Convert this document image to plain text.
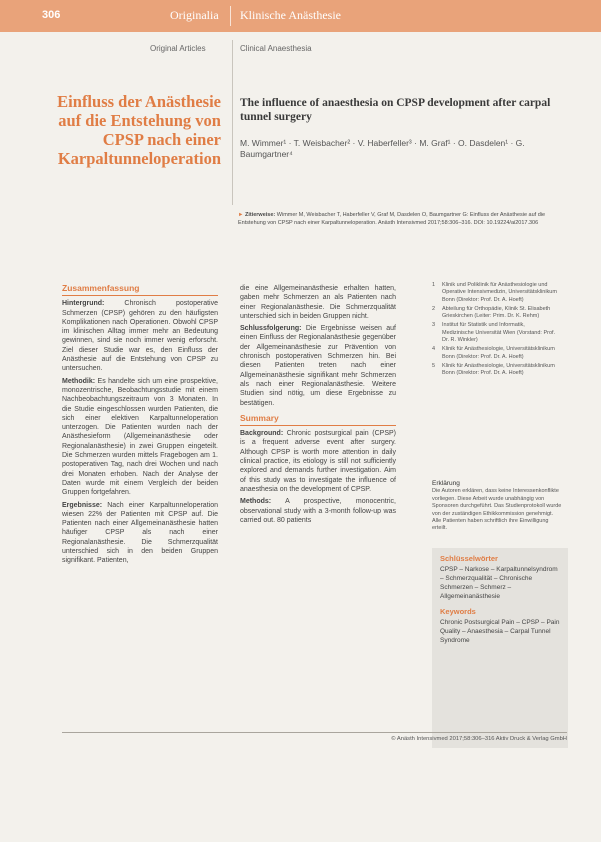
306	Originalia Klinische Anästhesie
Original Articles	Clinical Anaesthesia
Einfluss der Anästhesie auf die Entstehung von CPSP nach einer Karpaltunneloperation
The influence of anaesthesia on CPSP development after carpal tunnel surgery
M. Wimmer¹ · T. Weisbacher² · V. Haberfeller³ · M. Graf¹ · O. Dasdelen¹ · G. Baumgartner⁴
► Zitierweise: Wimmer M, Weisbacher T, Haberfeller V, Graf M, Dasdelen O, Baumgartner G: Einfluss der Anästhesie auf die Entstehung von CPSP nach einer Karpaltunneloperation. Anästh Intensivmed 2017;58:306–316. DOI: 10.19224/ai2017.306
Zusammenfassung
Hintergrund: Chronisch postoperative Schmerzen (CPSP) gehören zu den häufigsten Komplikationen nach Operationen. Obwohl CPSP im klinischen Alltag immer mehr an Bedeutung gewinnen, sind sie noch immer wenig erforscht. Ziel dieser Studie war es, den Einfluss der Anästhesie auf die Entstehung von CPSP zu untersuchen.
Methodik: Es handelte sich um eine prospektive, monozentrische, Beobachtungsstudie mit einem Nachbeobachtungszeitraum von 3 Monaten. In die Studie eingeschlossen wurden Patienten, die sich einer elektiven Karpaltunneloperation unterzogen. Die Patienten wurden nach der Anästhesieform (Allgemeinanästhesie oder Regionalanästhesie) in zwei Gruppen eingeteilt. Die Schmerzen wurden mittels Fragebogen am 1. postoperativen Tag, nach drei Wochen und nach drei Monaten erhoben. Nach der Analyse der Daten wurde mit einem Vergleich der beiden Gruppen fortgefahren.
Ergebnisse: Nach einer Karpaltunneloperation wiesen 22% der Patienten mit CPSP auf. Die Patienten nach einer Allgemeinanästhesie hatten häufiger CPSP als nach einer Regionalanästhesie. Die Schmerzqualität unterschied sich in den beiden Gruppen signifikant. Patienten,
die eine Allgemeinanästhesie erhalten hatten, gaben mehr Schmerzen an als Patienten nach einer Regionalanästhesie. Die Schmerzqualität unterschied sich in beiden Gruppen nicht.
Schlussfolgerung: Die Ergebnisse weisen auf einen Einfluss der Regionalanästhesie gegenüber der Allgemeinanästhesie zur Prävention von chronisch postoperativen Schmerzen hin. Bei diesen Patienten treten nach einer Allgemeinanästhesie signifikant mehr Schmerzen als nach einer Regionalanästhesie. Weitere Studien sind nötig, um diese Ergebnisse zu bestätigen.
Summary
Background: Chronic postsurgical pain (CPSP) is a frequent adverse event after surgery. Although CPSP is worth more attention in daily clinical practice, its etiology is still not sufficiently explored and demands further investigation. Aim of this study was to investigate the influence of anaesthesia on the development of CPSP.
Methods: A prospective, monocentric, observational study with a 3-month follow-up was carried out. 80 patients
1	Klinik und Poliklinik für Anästhesiologie und Operative Intensivmedizin, Universitätsklinikum Bonn (Direktor: Prof. Dr. A. Hoeft)
2	Abteilung für Orthopädie, Klinik St. Elisabeth Grieskirchen (Leiter: Prim. Dr. K. Rehm)
3	Institut für Statistik und Informatik, Medizinische Universität Wien (Vorstand: Prof. Dr. R. Winkler)
4	Klinik für Anästhesiologie, Universitätsklinikum Bonn (Direktor: Prof. Dr. A. Hoeft)
5	Klinik für Anästhesiologie, Universitätsklinikum Bonn (Direktor: Prof. Dr. A. Hoeft)
Erklärung
Die Autoren erklären, dass keine Interessenkonflikte vorliegen. Diese Arbeit wurde unabhängig von Sponsoren durchgeführt. Das Studienprotokoll wurde von der zuständigen Ethikkommission genehmigt. Alle Patienten haben schriftlich ihre Einwilligung erteilt.
Schlüsselwörter
CPSP – Narkose – Karpaltunnelsyndrom – Schmerzqualität – Chronische Schmerzen – Schmerz – Allgemeinanästhesie
Keywords
Chronic Postsurgical Pain – CPSP – Pain Quality – Anaesthesia – Carpal Tunnel Syndrome
© Anästh Intensivmed 2017;58:306–316 Aktiv Druck & Verlag GmbH
